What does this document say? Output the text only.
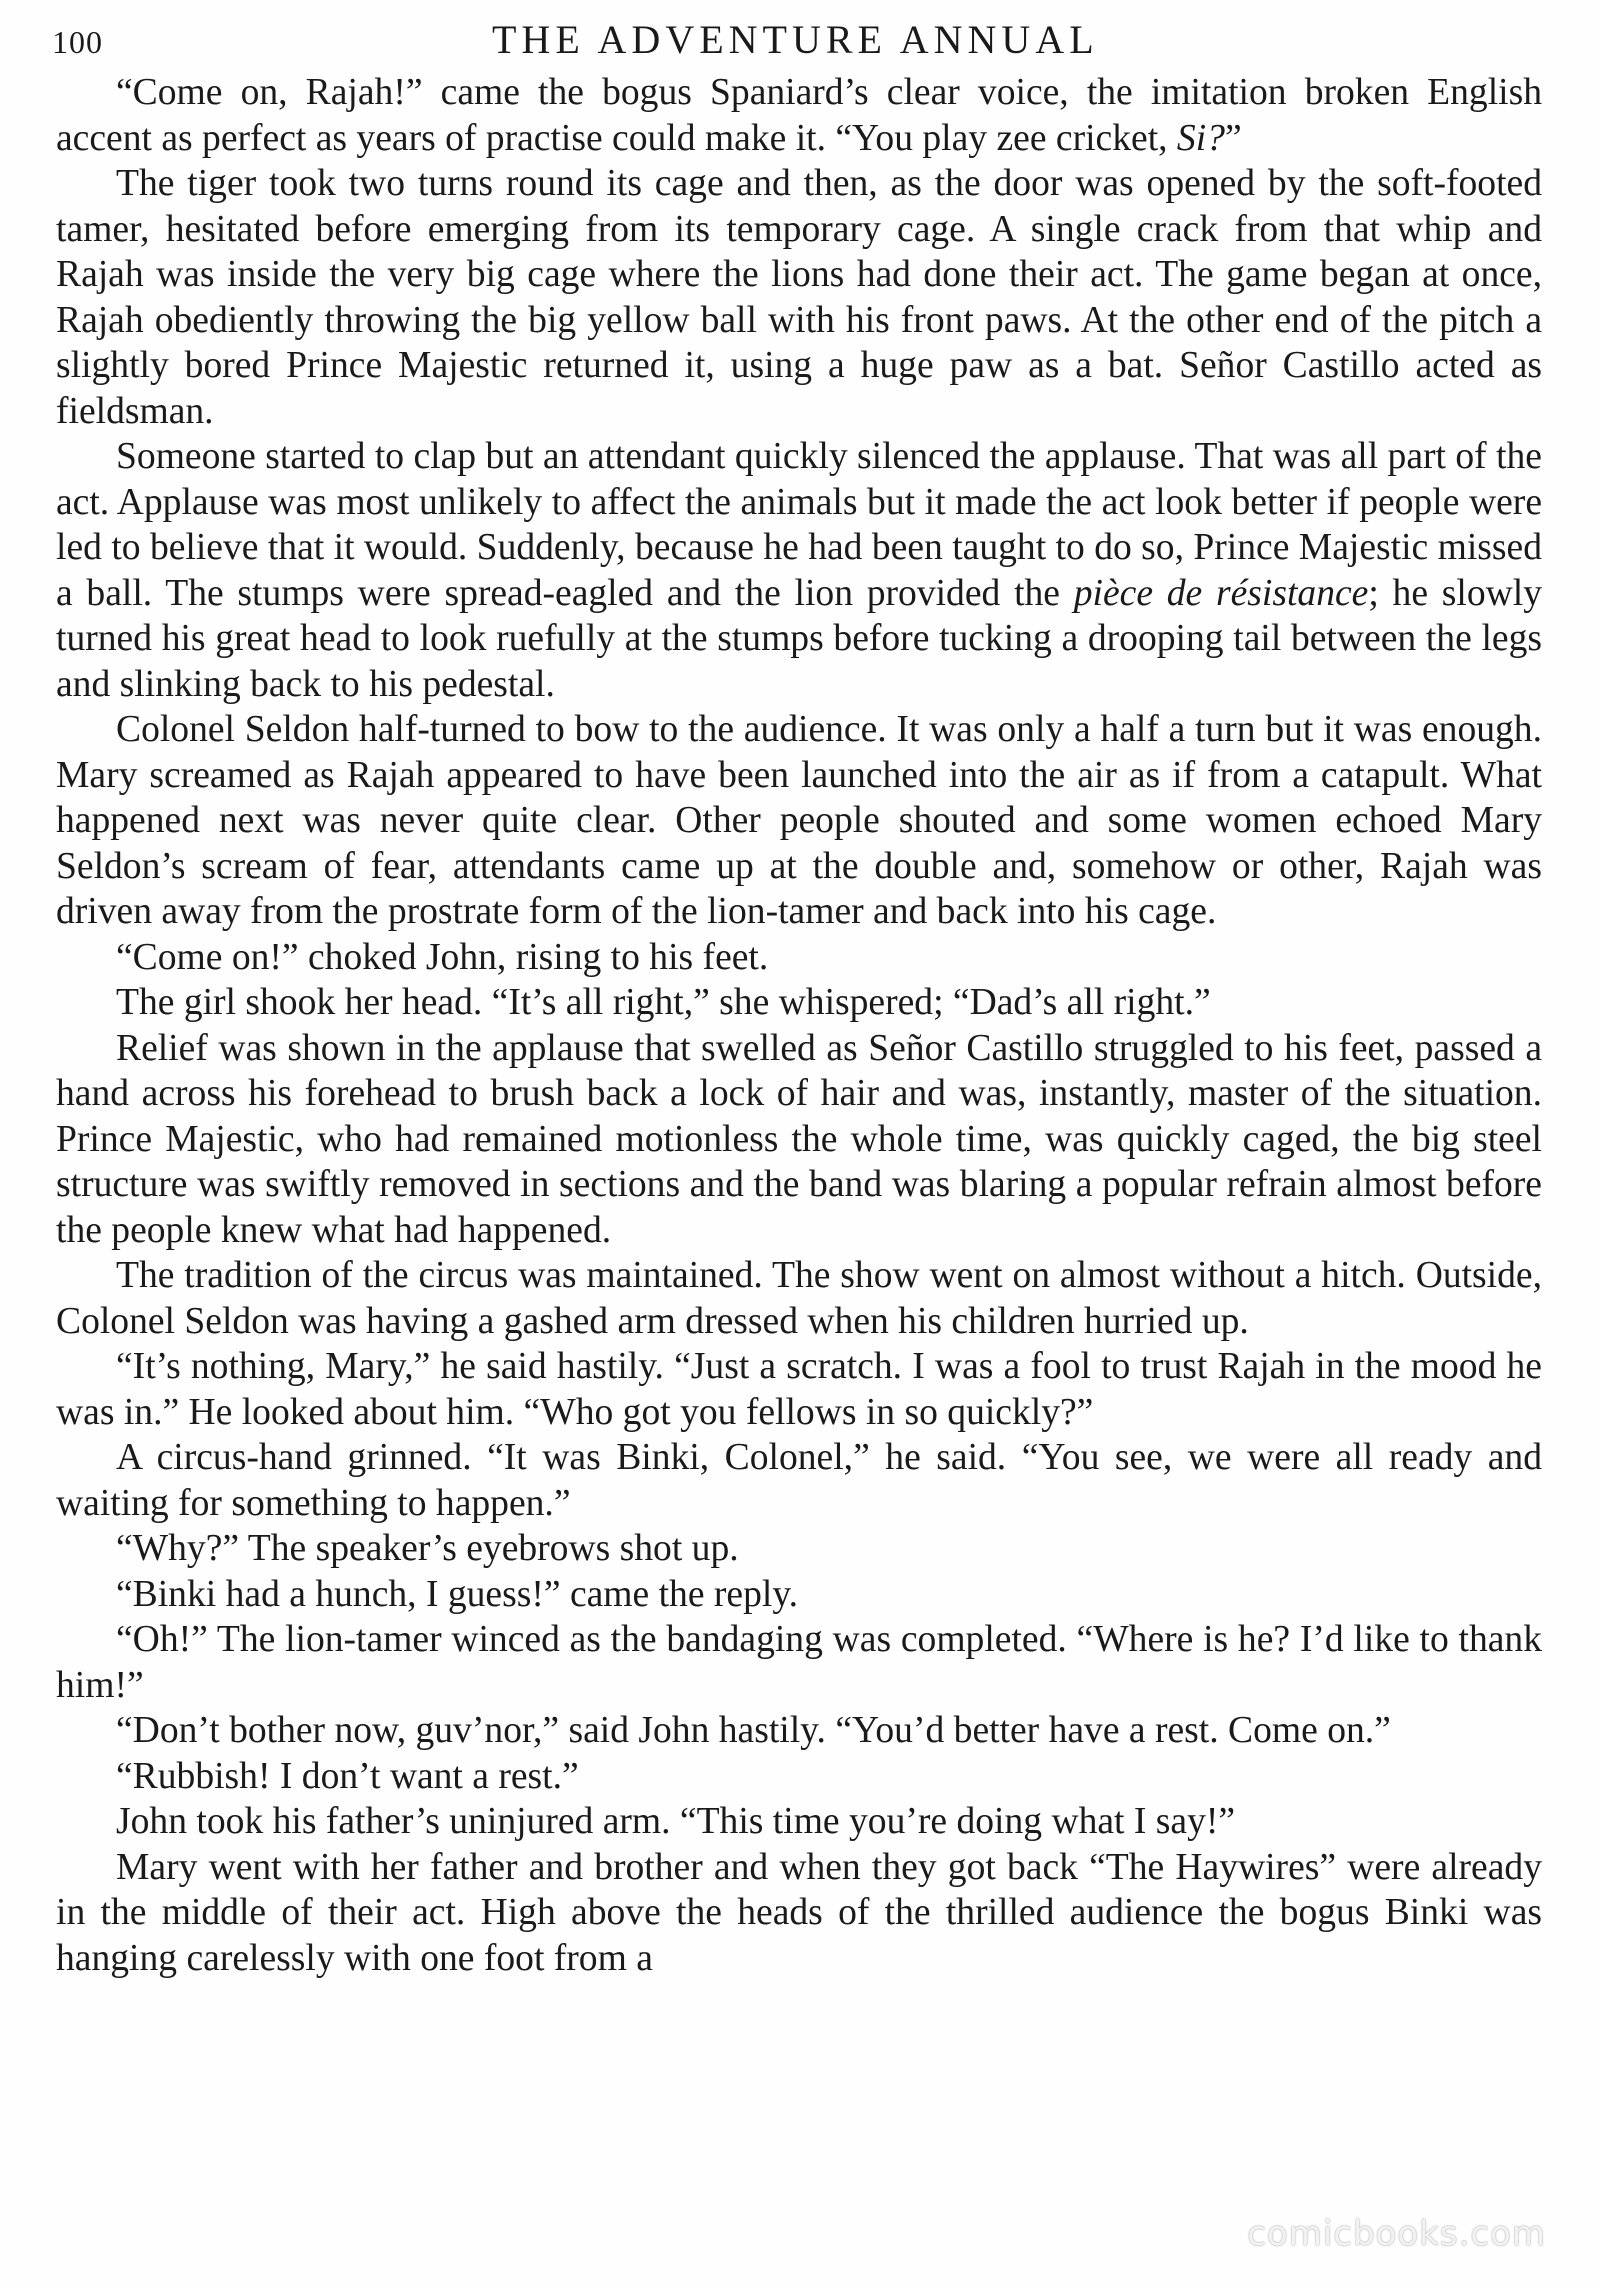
100	THE ADVENTURE ANNUAL

“Come on, Rajah!” came the bogus Spaniard’s clear voice, the imitation broken English accent as perfect as years of practise could make it. “You play zee cricket, Si?”

The tiger took two turns round its cage and then, as the door was opened by the soft-footed tamer, hesitated before emerging from its temporary cage. A single crack from that whip and Rajah was inside the very big cage where the lions had done their act. The game began at once, Rajah obediently throwing the big yellow ball with his front paws. At the other end of the pitch a slightly bored Prince Majestic returned it, using a huge paw as a bat. Señor Castillo acted as fieldsman.

Someone started to clap but an attendant quickly silenced the applause. That was all part of the act. Applause was most unlikely to affect the animals but it made the act look better if people were led to believe that it would. Suddenly, because he had been taught to do so, Prince Majestic missed a ball. The stumps were spread-eagled and the lion provided the pièce de résistance; he slowly turned his great head to look ruefully at the stumps before tucking a drooping tail between the legs and slinking back to his pedestal.

Colonel Seldon half-turned to bow to the audience. It was only a half a turn but it was enough. Mary screamed as Rajah appeared to have been launched into the air as if from a catapult. What happened next was never quite clear. Other people shouted and some women echoed Mary Seldon’s scream of fear, attendants came up at the double and, somehow or other, Rajah was driven away from the prostrate form of the lion-tamer and back into his cage.

“Come on!” choked John, rising to his feet.

The girl shook her head. “It’s all right,” she whispered; “Dad’s all right.”

Relief was shown in the applause that swelled as Señor Castillo struggled to his feet, passed a hand across his forehead to brush back a lock of hair and was, instantly, master of the situation. Prince Majestic, who had remained motionless the whole time, was quickly caged, the big steel structure was swiftly removed in sections and the band was blaring a popular refrain almost before the people knew what had happened.

The tradition of the circus was maintained. The show went on almost without a hitch. Outside, Colonel Seldon was having a gashed arm dressed when his children hurried up.

“It’s nothing, Mary,” he said hastily. “Just a scratch. I was a fool to trust Rajah in the mood he was in.” He looked about him. “Who got you fellows in so quickly?”

A circus-hand grinned. “It was Binki, Colonel,” he said. “You see, we were all ready and waiting for something to happen.”

“Why?” The speaker’s eyebrows shot up.

“Binki had a hunch, I guess!” came the reply.

“Oh!” The lion-tamer winced as the bandaging was completed. “Where is he? I’d like to thank him!”

“Don’t bother now, guv’nor,” said John hastily. “You’d better have a rest. Come on.”

“Rubbish! I don’t want a rest.”

John took his father’s uninjured arm. “This time you’re doing what I say!”

Mary went with her father and brother and when they got back “The Haywires” were already in the middle of their act. High above the heads of the thrilled audience the bogus Binki was hanging carelessly with one foot from a

comicbooks.com
